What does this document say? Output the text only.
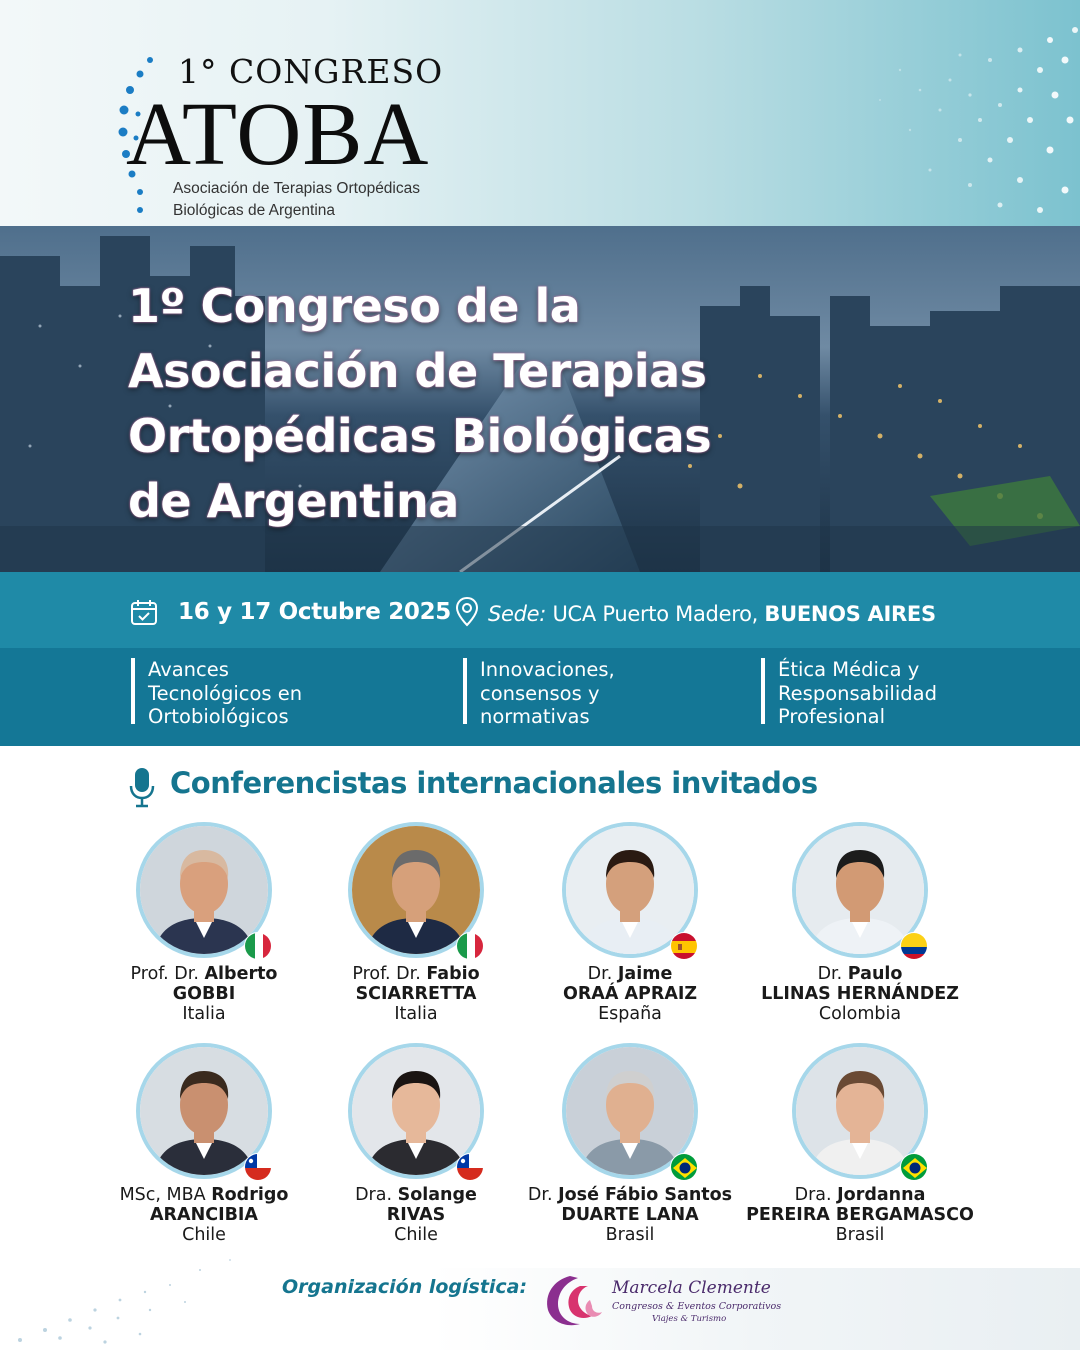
1° CONGRESO
ATOBA
Asociación de Terapias Ortopédicas
Biológicas de Argentina
1º Congreso de la
Asociación de Terapias
Ortopédicas Biológicas
de Argentina
16 y 17 Octubre 2025 Sede: UCA Puerto Madero, BUENOS AIRES
Avances
Tecnológicos en
Ortobiológicos
Innovaciones,
consensos y
normativas
Ética Médica y
Responsabilidad
Profesional
Conferencistas internacionales invitados
Prof. Dr. Alberto
GOBBI
Italia
Prof. Dr. Fabio
SCIARRETTA
Italia
Dr. Jaime
ORAÁ APRAIZ
España
Dr. Paulo
LLINAS HERNÁNDEZ
Colombia
MSc, MBA Rodrigo
ARANCIBIA
Chile
Dra. Solange
RIVAS
Chile
Dr. José Fábio Santos
DUARTE LANA
Brasil
Dra. Jordanna
PEREIRA BERGAMASCO
Brasil
Organización logística:	Marcela Clemente
Congresos & Eventos Corporativos
Viajes & Turismo
